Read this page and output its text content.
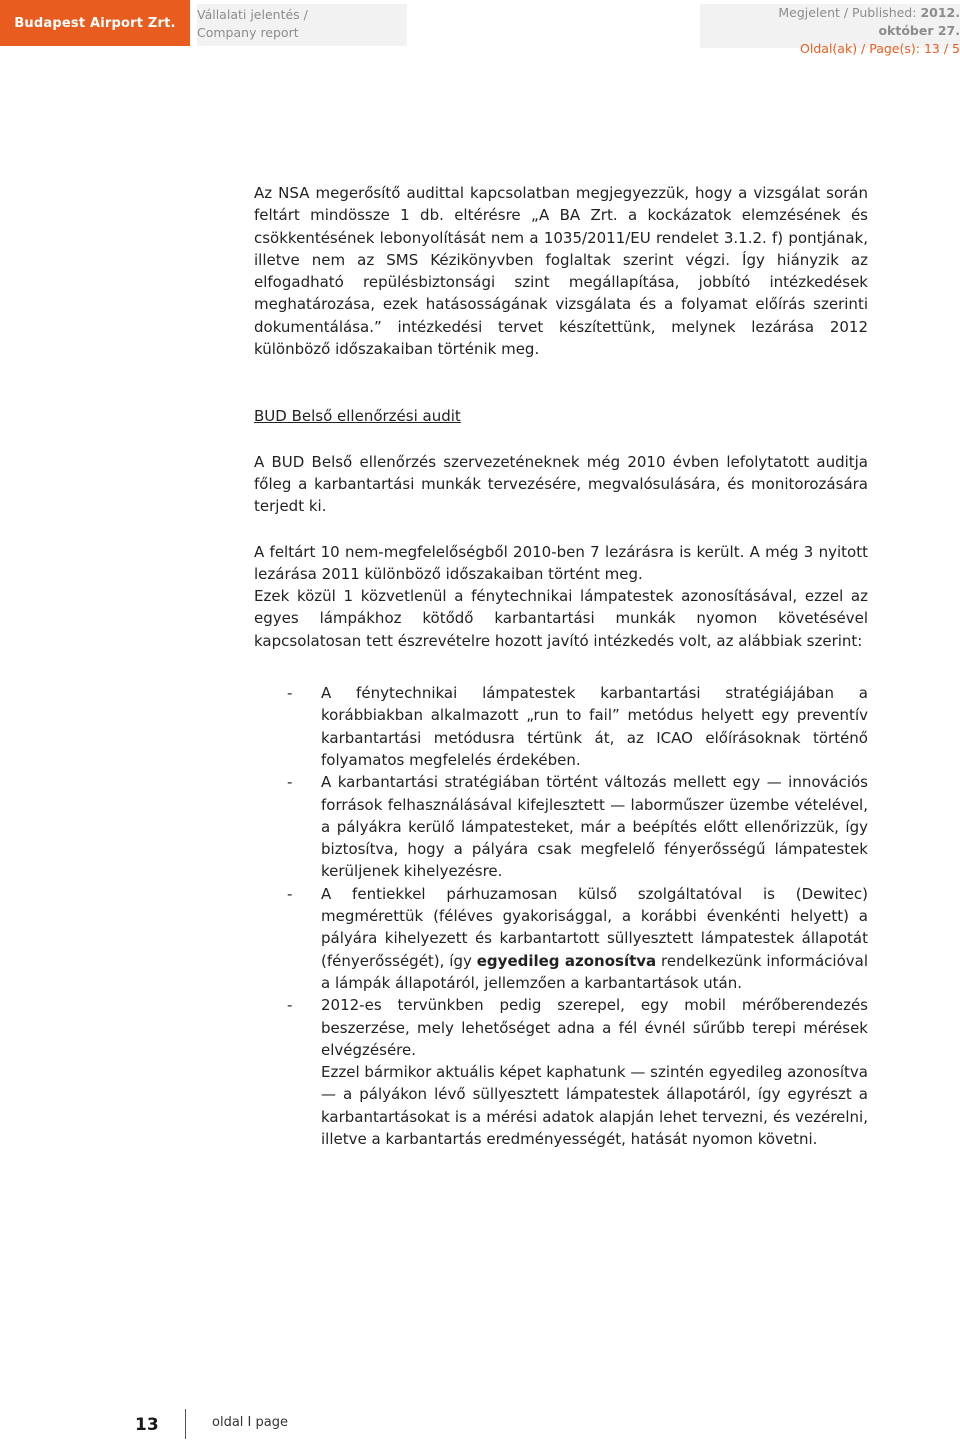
Budapest Airport Zrt.
Vállalati jelentés /
Company report
Megjelent / Published: 2012.
október 27.
Oldal(ak) / Page(s): 13 / 5

Az NSA megerősítő audittal kapcsolatban megjegyezzük, hogy a vizsgálat során feltárt mindössze 1 db. eltérésre „A BA Zrt. a kockázatok elemzésének és csökkentésének lebonyolítását nem a 1035/2011/EU rendelet 3.1.2. f) pontjának, illetve nem az SMS Kézikönyvben foglaltak szerint végzi. Így hiányzik az elfogadható repülésbiztonsági szint megállapítása, jobbító intézkedések meghatározása, ezek hatásosságának vizsgálata és a folyamat előírás szerinti dokumentálása.” intézkedési tervet készítettünk, melynek lezárása 2012 különböző időszakaiban történik meg.

BUD Belső ellenőrzési audit

A BUD Belső ellenőrzés szervezeténeknek még 2010 évben lefolytatott auditja főleg a karbantartási munkák tervezésére, megvalósulására, és monitorozására terjedt ki.

A feltárt 10 nem-megfelelőségből 2010-ben 7 lezárásra is került. A még 3 nyitott lezárása 2011 különböző időszakaiban történt meg.

Ezek közül 1 közvetlenül a fénytechnikai lámpatestek azonosításával, ezzel az egyes lámpákhoz kötődő karbantartási munkák nyomon követésével kapcsolatosan tett észrevételre hozott javító intézkedés volt, az alábbiak szerint:

-	A fénytechnikai lámpatestek karbantartási stratégiájában a korábbiakban alkalmazott „run to fail” metódus helyett egy preventív karbantartási metódusra tértünk át, az ICAO előírásoknak történő folyamatos megfelelés érdekében.

-	A karbantartási stratégiában történt változás mellett egy — innovációs források felhasználásával kifejlesztett — laborműszer üzembe vételével, a pályákra kerülő lámpatesteket, már a beépítés előtt ellenőrizzük, így biztosítva, hogy a pályára csak megfelelő fényerősségű lámpatestek kerüljenek kihelyezésre.

-	A fentiekkel párhuzamosan külső szolgáltatóval is (Dewitec) megmérettük (féléves gyakorisággal, a korábbi évenkénti helyett) a pályára kihelyezett és karbantartott süllyesztett lámpatestek állapotát (fényerősségét), így egyedileg azonosítva rendelkezünk információval a lámpák állapotáról, jellemzően a karbantartások után.

-	2012-es tervünkben pedig szerepel, egy mobil mérőberendezés beszerzése, mely lehetőséget adna a fél évnél sűrűbb terepi mérések elvégzésére.

Ezzel bármikor aktuális képet kaphatunk — szintén egyedileg azonosítva — a pályákon lévő süllyesztett lámpatestek állapotáról, így egyrészt a karbantartásokat is a mérési adatok alapján lehet tervezni, és vezérelni, illetve a karbantartás eredményességét, hatását nyomon követni.

13	oldal I page
